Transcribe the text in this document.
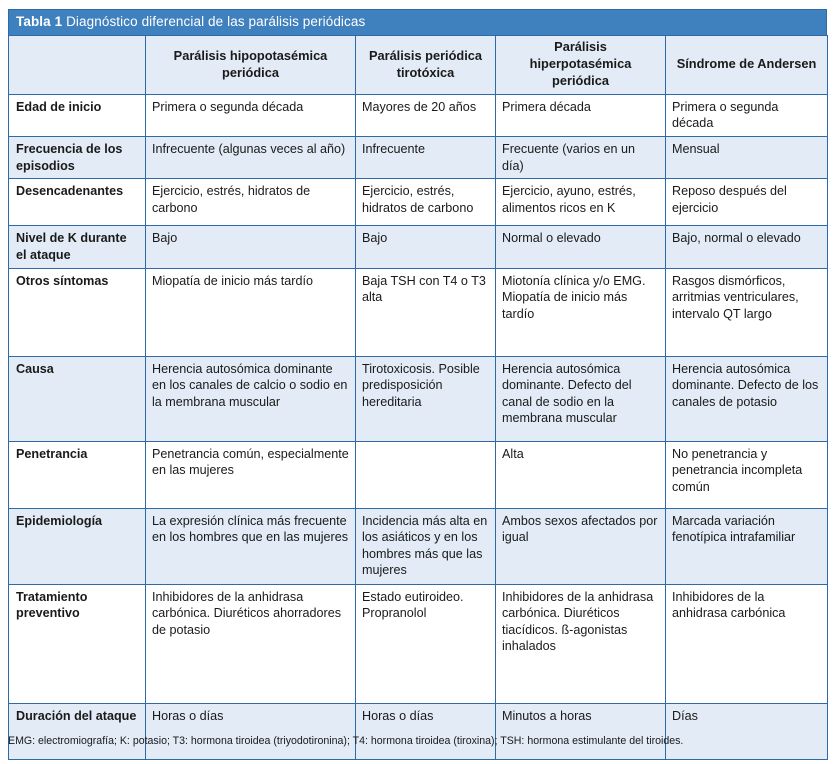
Tabla 1 Diagnóstico diferencial de las parálisis periódicas
	Parálisis hipopotasémica periódica	Parálisis periódica tirotóxica	Parálisis hiperpotasémica periódica	Síndrome de Andersen
Edad de inicio	Primera o segunda década	Mayores de 20 años	Primera década	Primera o segunda década
Frecuencia de los episodios	Infrecuente (algunas veces al año)	Infrecuente	Frecuente (varios en un día)	Mensual
Desencadenantes	Ejercicio, estrés, hidratos de carbono	Ejercicio, estrés, hidratos de carbono	Ejercicio, ayuno, estrés, alimentos ricos en K	Reposo después del ejercicio
Nivel de K durante el ataque	Bajo	Bajo	Normal o elevado	Bajo, normal o elevado
Otros síntomas	Miopatía de inicio más tardío	Baja TSH con T4 o T3 alta	Miotonía clínica y/o EMG. Miopatía de inicio más tardío	Rasgos dismórficos, arritmias ventriculares, intervalo QT largo
Causa	Herencia autosómica dominante en los canales de calcio o sodio en la membrana muscular	Tirotoxicosis. Posible predisposición hereditaria	Herencia autosómica dominante. Defecto del canal de sodio en la membrana muscular	Herencia autosómica dominante. Defecto de los canales de potasio
Penetrancia	Penetrancia común, especialmente en las mujeres		Alta	No penetrancia y penetrancia incompleta común
Epidemiología	La expresión clínica más frecuente en los hombres que en las mujeres	Incidencia más alta en los asiáticos y en los hombres más que las mujeres	Ambos sexos afectados por igual	Marcada variación fenotípica intrafamiliar
Tratamiento preventivo	Inhibidores de la anhidrasa carbónica. Diuréticos ahorradores de potasio	Estado eutiroideo. Propranolol	Inhibidores de la anhidrasa carbónica. Diuréticos tiacídicos. ß-agonistas inhalados	Inhibidores de la anhidrasa carbónica
Duración del ataque	Horas o días	Horas o días	Minutos a horas	Días
EMG: electromiografía; K: potasio; T3: hormona tiroidea (triyodotironina); T4: hormona tiroidea (tiroxina); TSH: hormona estimulante del tiroides.
